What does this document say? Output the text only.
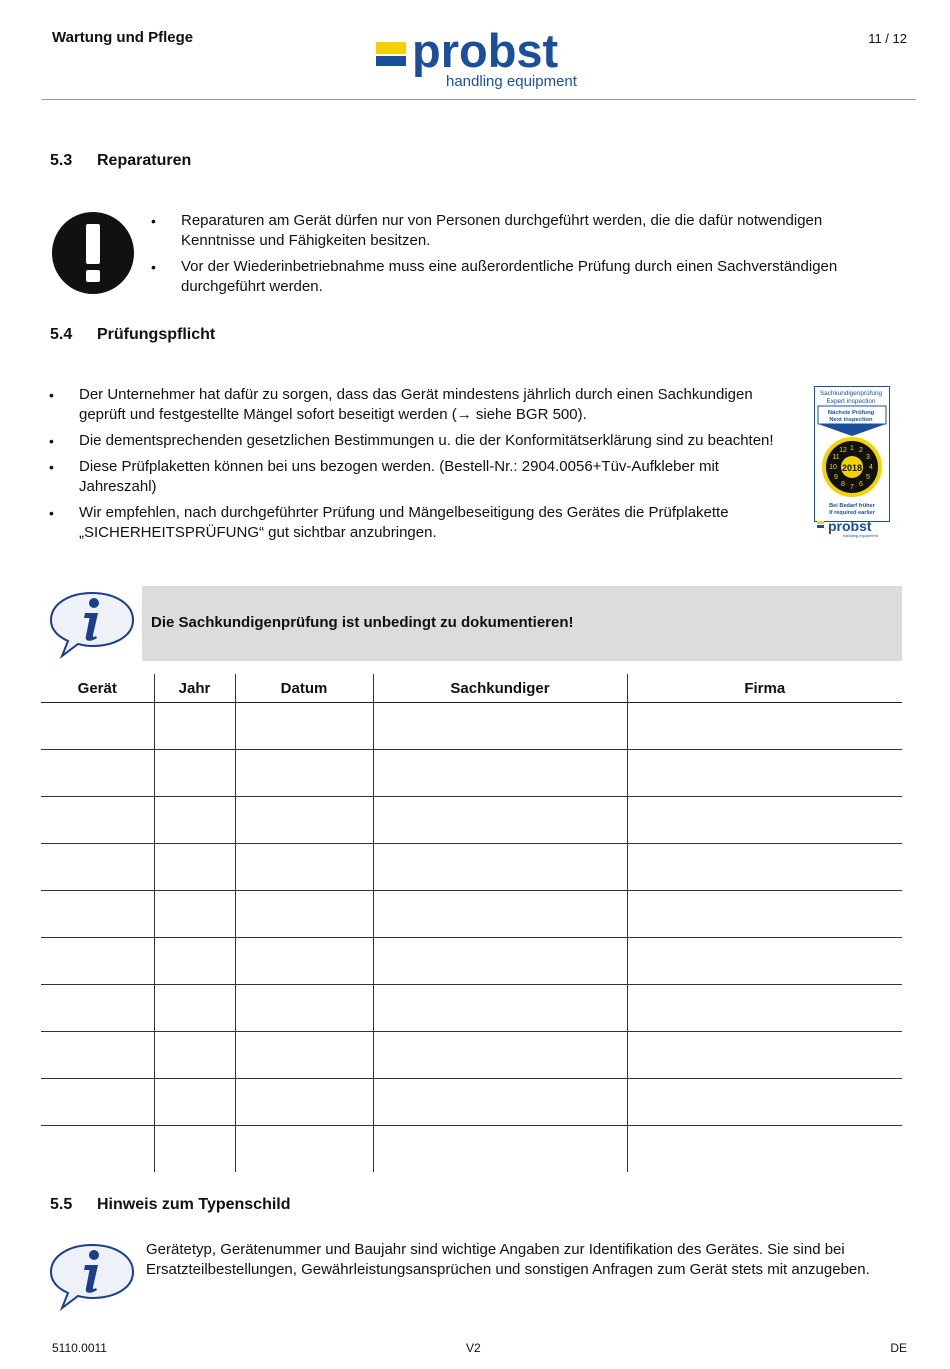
Wartung und Pflege	probst
handling equipment
11 / 12
5.3 Reparaturen
• Reparaturen am Gerät dürfen nur von Personen durchgeführt werden, die die dafür notwendigen Kenntnisse und Fähigkeiten besitzen.
• Vor der Wiederinbetriebnahme muss eine außerordentliche Prüfung durch einen Sachverständigen durchgeführt werden.
5.4 Prüfungspflicht
• Der Unternehmer hat dafür zu sorgen, dass das Gerät mindestens jährlich durch einen Sachkundigen geprüft und festgestellte Mängel sofort beseitigt werden (→ siehe BGR 500).
• Die dementsprechenden gesetzlichen Bestimmungen u. die der Konformitätserklärung sind zu beachten!
• Diese Prüfplaketten können bei uns bezogen werden. (Bestell-Nr.: 2904.0056+Tüv-Aufkleber mit Jahreszahl)
• Wir empfehlen, nach durchgeführter Prüfung und Mängelbeseitigung des Gerätes die Prüfplakette „SICHERHEITSPRÜFUNG“ gut sichtbar anzubringen.
Sachkundigenprüfung
Expert inspection
Nächste Prüfung
Next inspection
2018
1 2
3
4
5
6
7
8
9
10
11
12
Bei Bedarf früher
If required earlier
probst
handling equipment
Die Sachkundigenprüfung ist unbedingt zu dokumentieren!
Gerät	Jahr	Datum	Sachkundiger	Firma

5.5 Hinweis zum Typenschild
Gerätetyp, Gerätenummer und Baujahr sind wichtige Angaben zur Identifikation des Gerätes. Sie sind bei Ersatzteilbestellungen, Gewährleistungsansprüchen und sonstigen Anfragen zum Gerät stets mit anzugeben.
5110.0011	V2	DE
